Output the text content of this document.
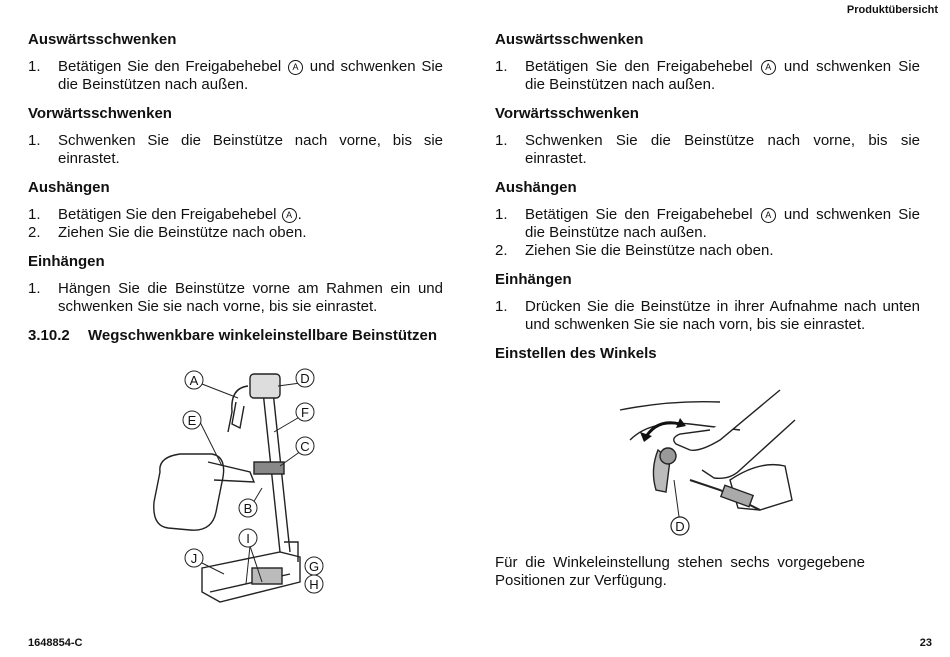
Produktübersicht
Auswärtsschwenken
1.	Betätigen Sie den Freigabehebel A und schwenken Sie die Beinstützen nach außen.
Vorwärtsschwenken
1.	Schwenken Sie die Beinstütze nach vorne, bis sie einrastet.
Aushängen
1.	Betätigen Sie den Freigabehebel A .
2.	Ziehen Sie die Beinstütze nach oben.
Einhängen
1.	Hängen Sie die Beinstütze vorne am Rahmen ein und schwenken Sie sie nach vorne, bis sie einrastet.
3.10.2	Wegschwenkbare winkeleinstellbare Beinstützen
A	D
E
F
C
B
I
J
G
H
Auswärtsschwenken
1.	Betätigen Sie den Freigabehebel A und schwenken Sie die Beinstützen nach außen.
Vorwärtsschwenken
1.	Schwenken Sie die Beinstütze nach vorne, bis sie einrastet.
Aushängen
1.	Betätigen Sie den Freigabehebel A und schwenken Sie die Beinstütze nach außen.
2.	Ziehen Sie die Beinstütze nach oben.
Einhängen
1.	Drücken Sie die Beinstütze in ihrer Aufnahme nach unten und schwenken Sie sie nach vorn, bis sie einrastet.
Einstellen des Winkels
D
Für die Winkeleinstellung stehen sechs vorgegebene Positionen zur Verfügung.
1648854-C	23
